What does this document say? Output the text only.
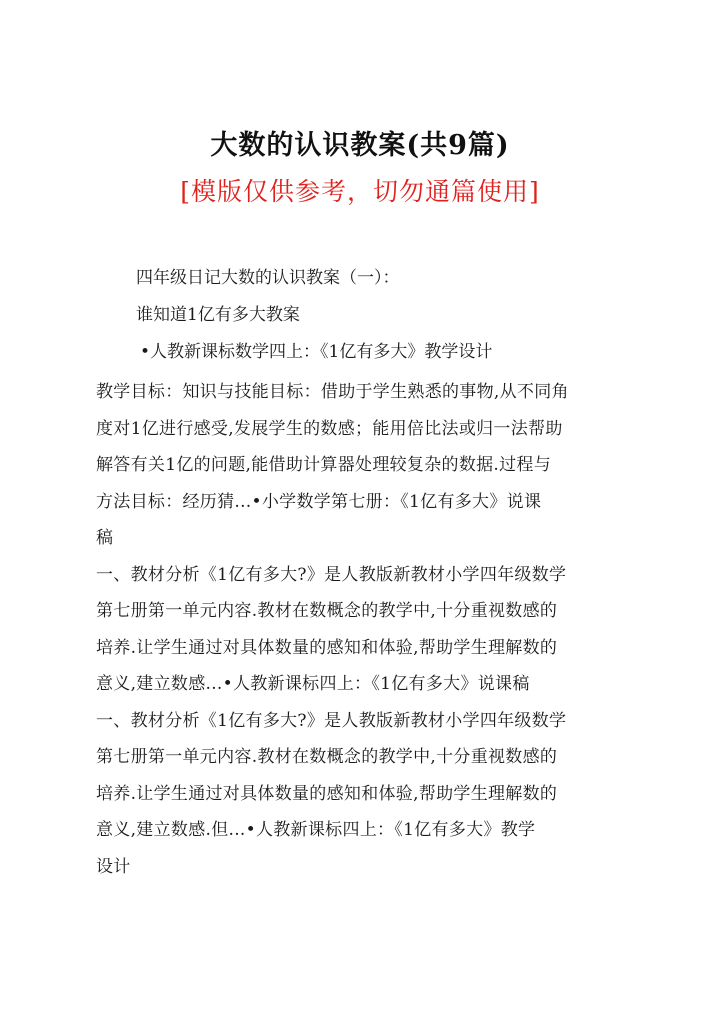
大数的认识教案(共9篇)
[模版仅供参考，切勿通篇使用]
四年级日记大数的认识教案（一）：
谁知道1亿有多大教案
•人教新课标数学四上：《1亿有多大》教学设计
教学目标：知识与技能目标：借助于学生熟悉的事物,从不同角
度对1亿进行感受,发展学生的数感；能用倍比法或归一法帮助
解答有关1亿的问题,能借助计算器处理较复杂的数据.过程与
方法目标：经历猜...•小学数学第七册：《1亿有多大》说课
稿
一、教材分析《1亿有多大?》是人教版新教材小学四年级数学
第七册第一单元内容.教材在数概念的教学中,十分重视数感的
培养.让学生通过对具体数量的感知和体验,帮助学生理解数的
意义,建立数感...•人教新课标四上：《1亿有多大》说课稿
一、教材分析《1亿有多大?》是人教版新教材小学四年级数学
第七册第一单元内容.教材在数概念的教学中,十分重视数感的
培养.让学生通过对具体数量的感知和体验,帮助学生理解数的
意义,建立数感.但...•人教新课标四上：《1亿有多大》教学
设计
